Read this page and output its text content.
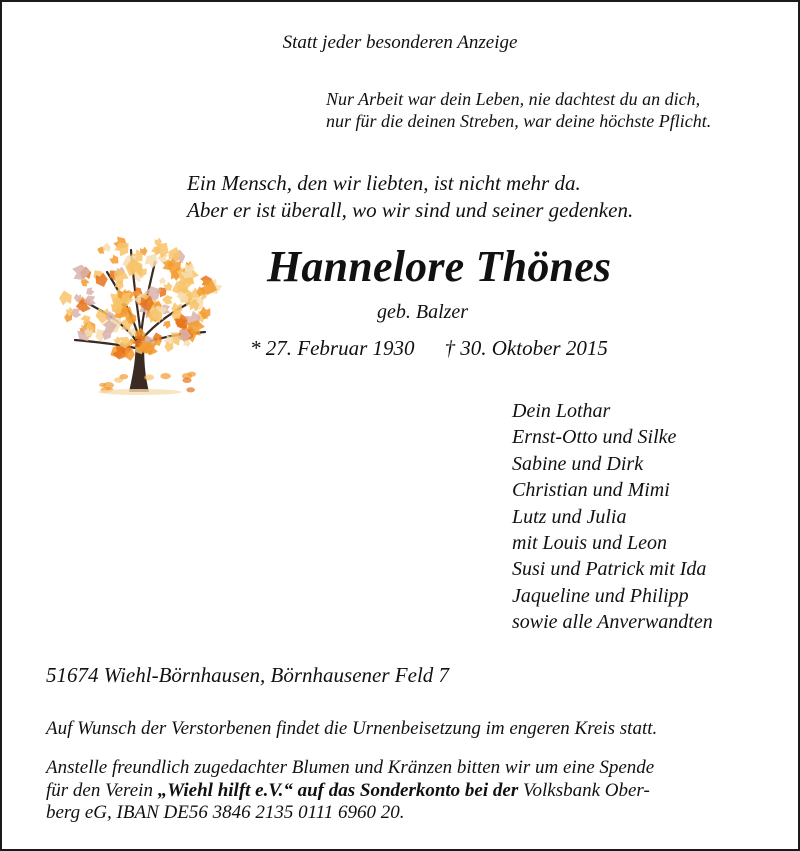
Statt jeder besonderen Anzeige
Nur Arbeit war dein Leben, nie dachtest du an dich,
nur für die deinen Streben, war deine höchste Pflicht.
Ein Mensch, den wir liebten, ist nicht mehr da.
Aber er ist überall, wo wir sind und seiner gedenken.
Hannelore Thönes
geb. Balzer
* 27. Februar 1930 † 30. Oktober 2015
Dein Lothar
Ernst-Otto und Silke
Sabine und Dirk
Christian und Mimi
Lutz und Julia
mit Louis und Leon
Susi und Patrick mit Ida
Jaqueline und Philipp
sowie alle Anverwandten
51674 Wiehl-Börnhausen, Börnhausener Feld 7
Auf Wunsch der Verstorbenen findet die Urnenbeisetzung im engeren Kreis statt.
Anstelle freundlich zugedachter Blumen und Kränzen bitten wir um eine Spende
für den Verein „Wiehl hilft e.V.“ auf das Sonderkonto bei der Volksbank Ober-
berg eG, IBAN DE56 3846 2135 0111 6960 20.
